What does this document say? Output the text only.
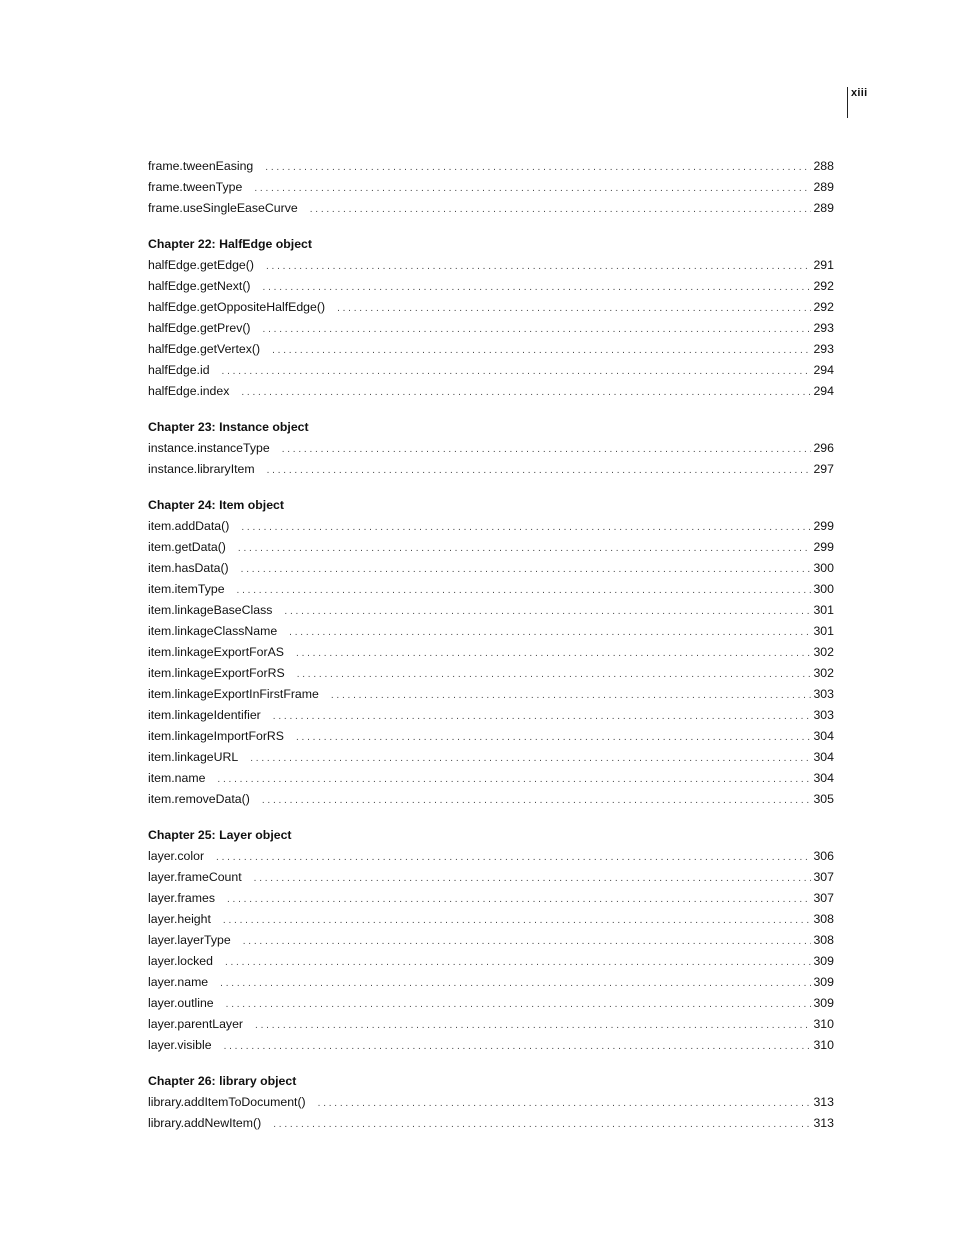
xiii
frame.tweenEasing . . .	288
frame.tweenType . . .	289
frame.useSingleEaseCurve . . .	289
Chapter 22: HalfEdge object
halfEdge.getEdge() . . .	291
halfEdge.getNext() . . .	292
halfEdge.getOppositeHalfEdge() . . .	292
halfEdge.getPrev() . . .	293
halfEdge.getVertex() . . .	293
halfEdge.id . . .	294
halfEdge.index . . .	294
Chapter 23: Instance object
instance.instanceType . . .	296
instance.libraryItem . . .	297
Chapter 24: Item object
item.addData() . . .	299
item.getData() . . .	299
item.hasData() . . .	300
item.itemType . . .	300
item.linkageBaseClass . . .	301
item.linkageClassName . . .	301
item.linkageExportForAS . . .	302
item.linkageExportForRS . . .	302
item.linkageExportInFirstFrame . . .	303
item.linkageIdentifier . . .	303
item.linkageImportForRS . . .	304
item.linkageURL . . .	304
item.name . . .	304
item.removeData() . . .	305
Chapter 25: Layer object
layer.color . . .	306
layer.frameCount . . .	307
layer.frames . . .	307
layer.height . . .	308
layer.layerType . . .	308
layer.locked . . .	309
layer.name . . .	309
layer.outline . . .	309
layer.parentLayer . . .	310
layer.visible . . .	310
Chapter 26: library object
library.addItemToDocument() . . .	313
library.addNewItem() . . .	313
